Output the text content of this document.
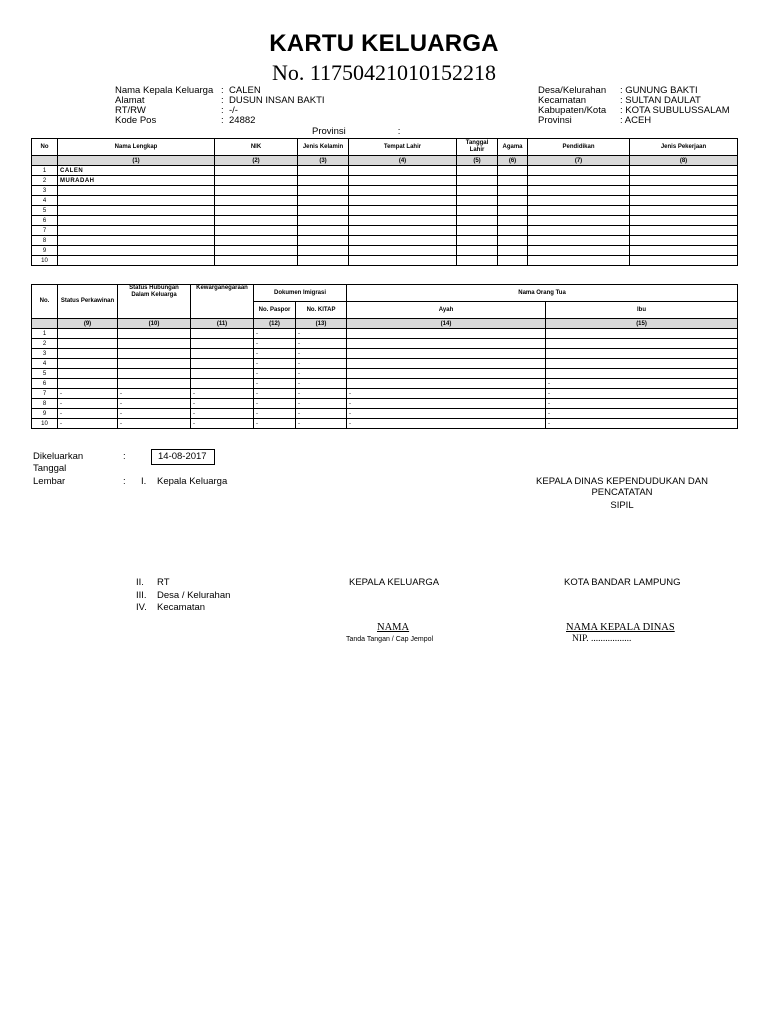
KARTU KELUARGA
No. 11750421010152218
Nama Kepala Keluarga : CALEN
Alamat	: DUSUN INSAN BAKTI
RT/RW	: -/-
Kode Pos	: 24882
Desa/Kelurahan	: GUNUNG BAKTI
Kecamatan	: SULTAN DAULAT
Kabupaten/Kota	: KOTA SUBULUSSALAM
Provinsi	: ACEH
Provinsi	:
No	Nama Lengkap	NIK	Jenis Kelamin	Tempat Lahir	Tanggal Lahir	Agama	Pendidikan	Jenis Pekerjaan
	(1)	(2)	(3)	(4)	(5)	(6)	(7)	(8)
1	CALEN							
2	MURADAH							
3								
4								
5								
6								
7								
8								
9								
10								
No.	Status Perkawinan	Status Hubungan Dalam Keluarga	Kewarganegaraan	Dokumen Imigrasi		Nama Orang Tua	
				No. Paspor	No. KITAP	Ayah	Ibu
	(9)	(10)	(11)	(12)	(13)	(14)	(15)
1				-	-		
2				-	-		
3				-	-		
4				-	-		
5				-	-		
6				-	-		-
7	-	-	-	-	-	-	-
8	-	-	-	-	-	-	-
9	-	-	-	-	-	-	-
10	-	-	-	-	-	-	-
Dikeluarkan
Tanggal
:	14-08-2017
Lembar	: I. Kepala Keluarga	KEPALA DINAS KEPENDUDUKAN DAN PENCATATAN
SIPIL
II. RT
III. Desa / Kelurahan
IV. Kecamatan
KEPALA KELUARGA	KOTA BANDAR LAMPUNG
NAMA
Tanda Tangan / Cap Jempol
NAMA KEPALA DINAS
NIP. .................
